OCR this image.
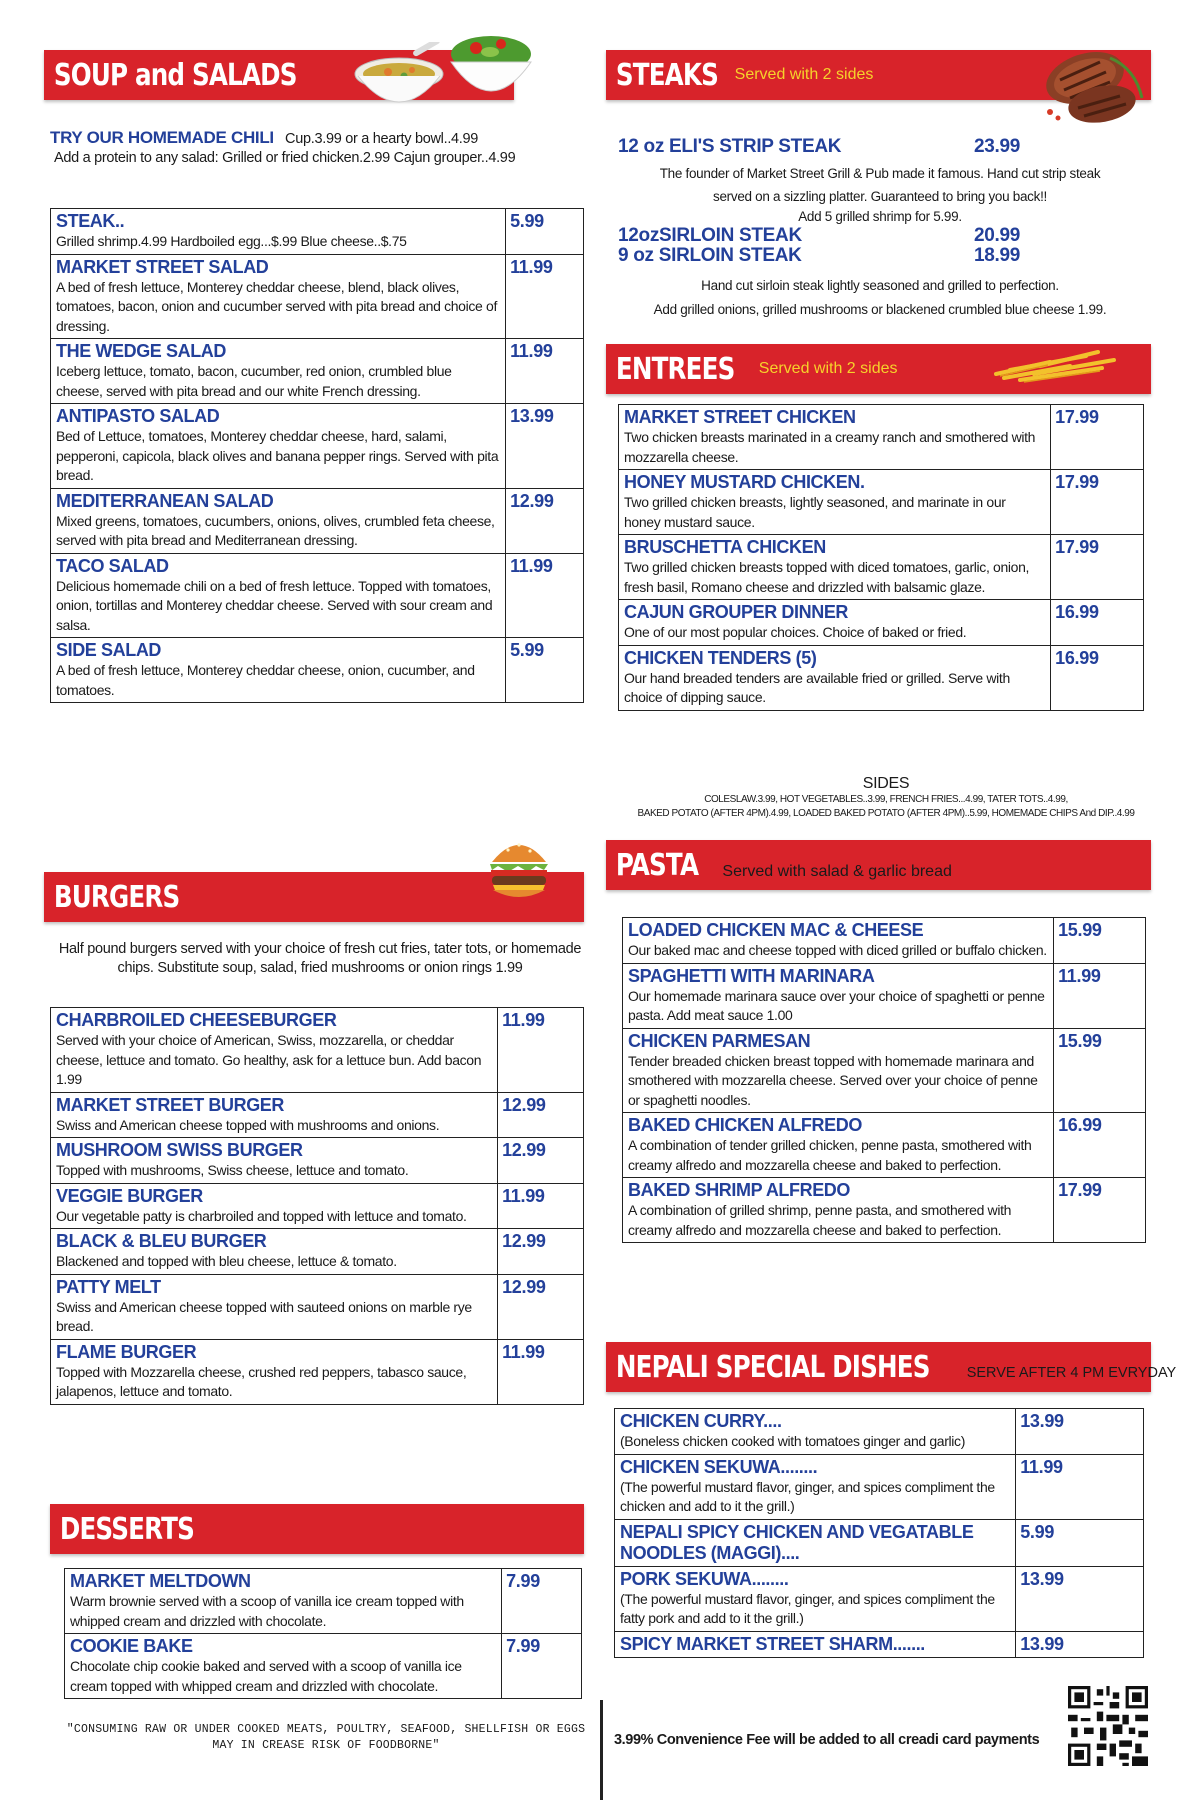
SOUP and SALADS
TRY OUR HOMEMADE CHILI Cup.3.99 or a hearty bowl..4.99
Add a protein to any salad: Grilled or fried chicken.2.99 Cajun grouper..4.99
STEAK..
Grilled shrimp.4.99 Hardboiled egg...$.99 Blue cheese..$.75	5.99

MARKET STREET SALAD
A bed of fresh lettuce, Monterey cheddar cheese, blend, black olives, tomatoes, bacon, onion and cucumber served with pita bread and choice of dressing.	11.99

THE WEDGE SALAD
Iceberg lettuce, tomato, bacon, cucumber, red onion, crumbled blue cheese, served with pita bread and our white French dressing.	11.99

ANTIPASTO SALAD
Bed of Lettuce, tomatoes, Monterey cheddar cheese, hard, salami, pepperoni, capicola, black olives and banana pepper rings. Served with pita bread.	13.99

MEDITERRANEAN SALAD
Mixed greens, tomatoes, cucumbers, onions, olives, crumbled feta cheese, served with pita bread and Mediterranean dressing.	12.99

TACO SALAD
Delicious homemade chili on a bed of fresh lettuce. Topped with tomatoes, onion, tortillas and Monterey cheddar cheese. Served with sour cream and salsa.	11.99

SIDE SALAD
A bed of fresh lettuce, Monterey cheddar cheese, onion, cucumber, and tomatoes.	5.99
BURGERS
Half pound burgers served with your choice of fresh cut fries, tater tots, or homemade chips. Substitute soup, salad, fried mushrooms or onion rings 1.99
CHARBROILED CHEESEBURGER
Served with your choice of American, Swiss, mozzarella, or cheddar cheese, lettuce and tomato. Go healthy, ask for a lettuce bun. Add bacon 1.99	11.99

MARKET STREET BURGER
Swiss and American cheese topped with mushrooms and onions.	12.99

MUSHROOM SWISS BURGER
Topped with mushrooms, Swiss cheese, lettuce and tomato.	12.99

VEGGIE BURGER
Our vegetable patty is charbroiled and topped with lettuce and tomato.	11.99

BLACK & BLEU BURGER
Blackened and topped with bleu cheese, lettuce & tomato.	12.99

PATTY MELT
Swiss and American cheese topped with sauteed onions on marble rye bread.	12.99

FLAME BURGER
Topped with Mozzarella cheese, crushed red peppers, tabasco sauce, jalapenos, lettuce and tomato.	11.99
DESSERTS
MARKET MELTDOWN
Warm brownie served with a scoop of vanilla ice cream topped with whipped cream and drizzled with chocolate.	7.99

COOKIE BAKE
Chocolate chip cookie baked and served with a scoop of vanilla ice cream topped with whipped cream and drizzled with chocolate.	7.99
"CONSUMING RAW OR UNDER COOKED MEATS, POULTRY, SEAFOOD, SHELLFISH OR EGGS MAY IN CREASE RISK OF FOODBORNE"
STEAKS Served with 2 sides
12 oz ELI'S STRIP STEAK	23.99
The founder of Market Street Grill & Pub made it famous. Hand cut strip steak served on a sizzling platter. Guaranteed to bring you back!!
Add 5 grilled shrimp for 5.99.
12ozSIRLOIN STEAK	20.99
9 oz SIRLOIN STEAK	18.99
Hand cut sirloin steak lightly seasoned and grilled to perfection.
Add grilled onions, grilled mushrooms or blackened crumbled blue cheese 1.99.
ENTREES Served with 2 sides
MARKET STREET CHICKEN
Two chicken breasts marinated in a creamy ranch and smothered with mozzarella cheese.	17.99

HONEY MUSTARD CHICKEN.
Two grilled chicken breasts, lightly seasoned, and marinate in our honey mustard sauce.	17.99

BRUSCHETTA CHICKEN
Two grilled chicken breasts topped with diced tomatoes, garlic, onion, fresh basil, Romano cheese and drizzled with balsamic glaze.	17.99

CAJUN GROUPER DINNER
One of our most popular choices. Choice of baked or fried.	16.99

CHICKEN TENDERS (5)
Our hand breaded tenders are available fried or grilled. Serve with choice of dipping sauce.	16.99
SIDES
COLESLAW.3.99, HOT VEGETABLES..3.99, FRENCH FRIES...4.99, TATER TOTS..4.99,
BAKED POTATO (AFTER 4PM).4.99, LOADED BAKED POTATO (AFTER 4PM)..5.99, HOMEMADE CHIPS And DIP..4.99
PASTA Served with salad & garlic bread
LOADED CHICKEN MAC & CHEESE
Our baked mac and cheese topped with diced grilled or buffalo chicken.	15.99

SPAGHETTI WITH MARINARA
Our homemade marinara sauce over your choice of spaghetti or penne pasta. Add meat sauce 1.00	11.99

CHICKEN PARMESAN
Tender breaded chicken breast topped with homemade marinara and smothered with mozzarella cheese. Served over your choice of penne or spaghetti noodles.	15.99

BAKED CHICKEN ALFREDO
A combination of tender grilled chicken, penne pasta, smothered with creamy alfredo and mozzarella cheese and baked to perfection.	16.99

BAKED SHRIMP ALFREDO
A combination of grilled shrimp, penne pasta, and smothered with creamy alfredo and mozzarella cheese and baked to perfection.	17.99
NEPALI SPECIAL DISHES	SERVE AFTER 4 PM EVRYDAY
CHICKEN CURRY....
(Boneless chicken cooked with tomatoes ginger and garlic)	13.99

CHICKEN SEKUWA........
(The powerful mustard flavor, ginger, and spices compliment the chicken and add to it the grill.)	11.99

NEPALI SPICY CHICKEN AND VEGATABLE NOODLES (MAGGI)....	5.99

PORK SEKUWA........
(The powerful mustard flavor, ginger, and spices compliment the fatty pork and add to it the grill.)	13.99

SPICY MARKET STREET SHARM.......	13.99
3.99% Convenience Fee will be added to all creadi card payments
